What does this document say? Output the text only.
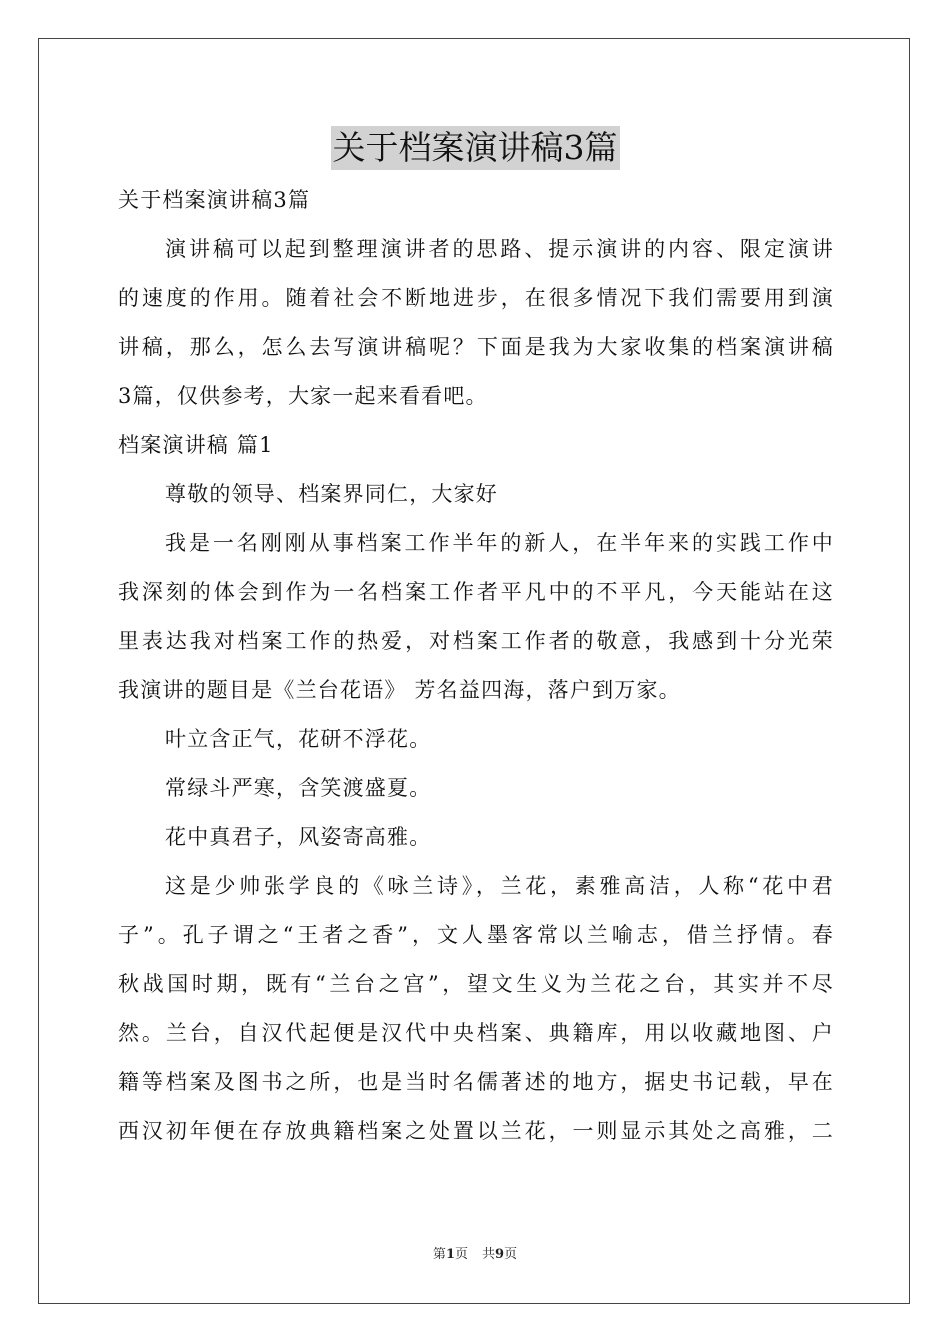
关于档案演讲稿3篇
关于档案演讲稿3篇
演讲稿可以起到整理演讲者的思路、提示演讲的内容、限定演讲
的速度的作用。随着社会不断地进步，在很多情况下我们需要用到演
讲稿，那么，怎么去写演讲稿呢？下面是我为大家收集的档案演讲稿
3篇，仅供参考，大家一起来看看吧。
档案演讲稿 篇1
尊敬的领导、档案界同仁，大家好
我是一名刚刚从事档案工作半年的新人，在半年来的实践工作中
我深刻的体会到作为一名档案工作者平凡中的不平凡，今天能站在这
里表达我对档案工作的热爱，对档案工作者的敬意，我感到十分光荣
我演讲的题目是《兰台花语》 芳名益四海，落户到万家。
叶立含正气，花研不浮花。
常绿斗严寒，含笑渡盛夏。
花中真君子，风姿寄高雅。
这是少帅张学良的《咏兰诗》，兰花，素雅高洁，人称“花中君
子”。孔子谓之“王者之香”，文人墨客常以兰喻志，借兰抒情。春
秋战国时期，既有“兰台之宫”，望文生义为兰花之台，其实并不尽
然。兰台，自汉代起便是汉代中央档案、典籍库，用以收藏地图、户
籍等档案及图书之所，也是当时名儒著述的地方，据史书记载，早在
西汉初年便在存放典籍档案之处置以兰花，一则显示其处之高雅，二
第1页 共9页
